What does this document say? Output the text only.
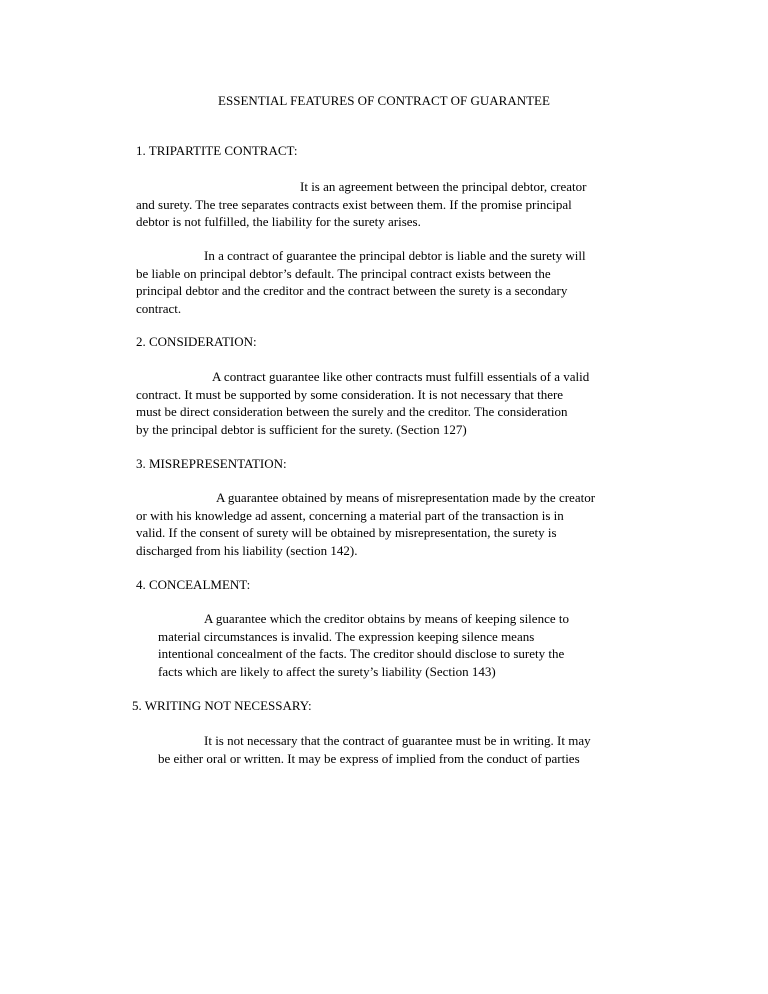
ESSENTIAL FEATURES OF CONTRACT OF GUARANTEE

1. TRIPARTITE CONTRACT:

It is an agreement between the principal debtor, creator
and surety. The tree separates contracts exist between them. If the promise principal
debtor is not fulfilled, the liability for the surety arises.
In a contract of guarantee the principal debtor is liable and the surety will
be liable on principal debtor’s default. The principal contract exists between the
principal debtor and the creditor and the contract between the surety is a secondary
contract.

2. CONSIDERATION:

A contract guarantee like other contracts must fulfill essentials of a valid
contract. It must be supported by some consideration. It is not necessary that there
must be direct consideration between the surely and the creditor. The consideration
by the principal debtor is sufficient for the surety. (Section 127)

3. MISREPRESENTATION:

A guarantee obtained by means of misrepresentation made by the creator
or with his knowledge ad assent, concerning a material part of the transaction is in
valid. If the consent of surety will be obtained by misrepresentation, the surety is
discharged from his liability (section 142).

4. CONCEALMENT:

A guarantee which the creditor obtains by means of keeping silence to
material circumstances is invalid. The expression keeping silence means
intentional concealment of the facts. The creditor should disclose to surety the
facts which are likely to affect the surety’s liability (Section 143)

5. WRITING NOT NECESSARY:

It is not necessary that the contract of guarantee must be in writing. It may
be either oral or written. It may be express of implied from the conduct of parties
